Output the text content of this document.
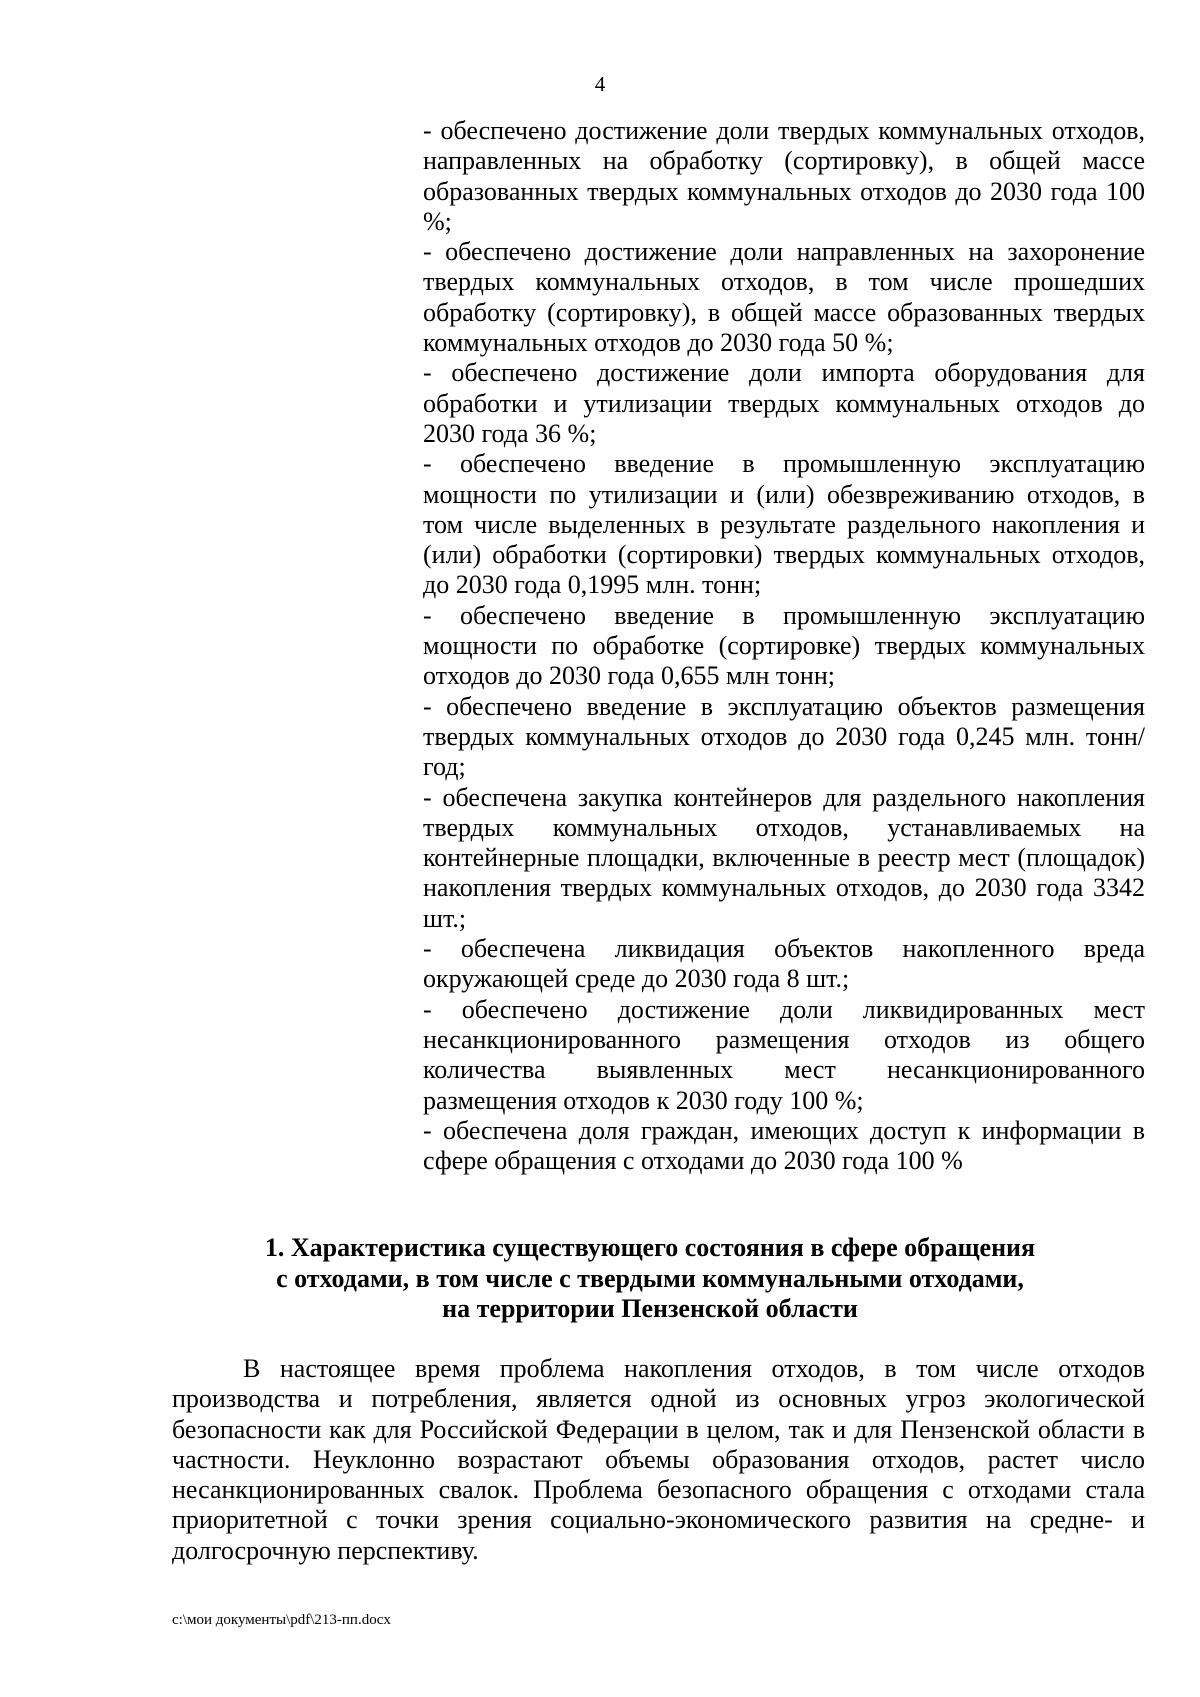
4
- обеспечено достижение доли твердых коммунальных отходов, направленных на обработку (сортировку), в общей массе образованных твердых коммунальных отходов до 2030 года 100 %;
- обеспечено достижение доли направленных на захоронение твердых коммунальных отходов, в том числе прошедших обработку (сортировку), в общей массе образованных твердых коммунальных отходов до 2030 года 50 %;
- обеспечено достижение доли импорта оборудования для обработки и утилизации твердых коммунальных отходов до 2030 года 36 %;
- обеспечено введение в промышленную эксплуатацию мощности по утилизации и (или) обезвреживанию отходов, в том числе выделенных в результате раздельного накопления и (или) обработки (сортировки) твердых коммунальных отходов, до 2030 года 0,1995 млн. тонн;
- обеспечено введение в промышленную эксплуатацию мощности по обработке (сортировке) твердых коммунальных отходов до 2030 года 0,655 млн тонн;
- обеспечено введение в эксплуатацию объектов размещения твердых коммунальных отходов до 2030 года 0,245 млн. тонн/год;
- обеспечена закупка контейнеров для раздельного накопления твердых коммунальных отходов, устанавливаемых на контейнерные площадки, включенные в реестр мест (площадок) накопления твердых коммунальных отходов, до 2030 года 3342 шт.;
- обеспечена ликвидация объектов накопленного вреда окружающей среде до 2030 года 8 шт.;
- обеспечено достижение доли ликвидированных мест несанкционированного размещения отходов из общего количества выявленных мест несанкционированного размещения отходов к 2030 году 100 %;
- обеспечена доля граждан, имеющих доступ к информации в сфере обращения с отходами до 2030 года 100 %
1. Характеристика существующего состояния в сфере обращения
с отходами, в том числе с твердыми коммунальными отходами,
на территории Пензенской области

В настоящее время проблема накопления отходов, в том числе отходов производства и потребления, является одной из основных угроз экологической безопасности как для Российской Федерации в целом, так и для Пензенской области в частности. Неуклонно возрастают объемы образования отходов, растет число несанкционированных свалок. Проблема безопасного обращения с отходами стала приоритетной с точки зрения социально-экономического развития на средне- и долгосрочную перспективу.

c:\мои документы\pdf\213-пп.docx
